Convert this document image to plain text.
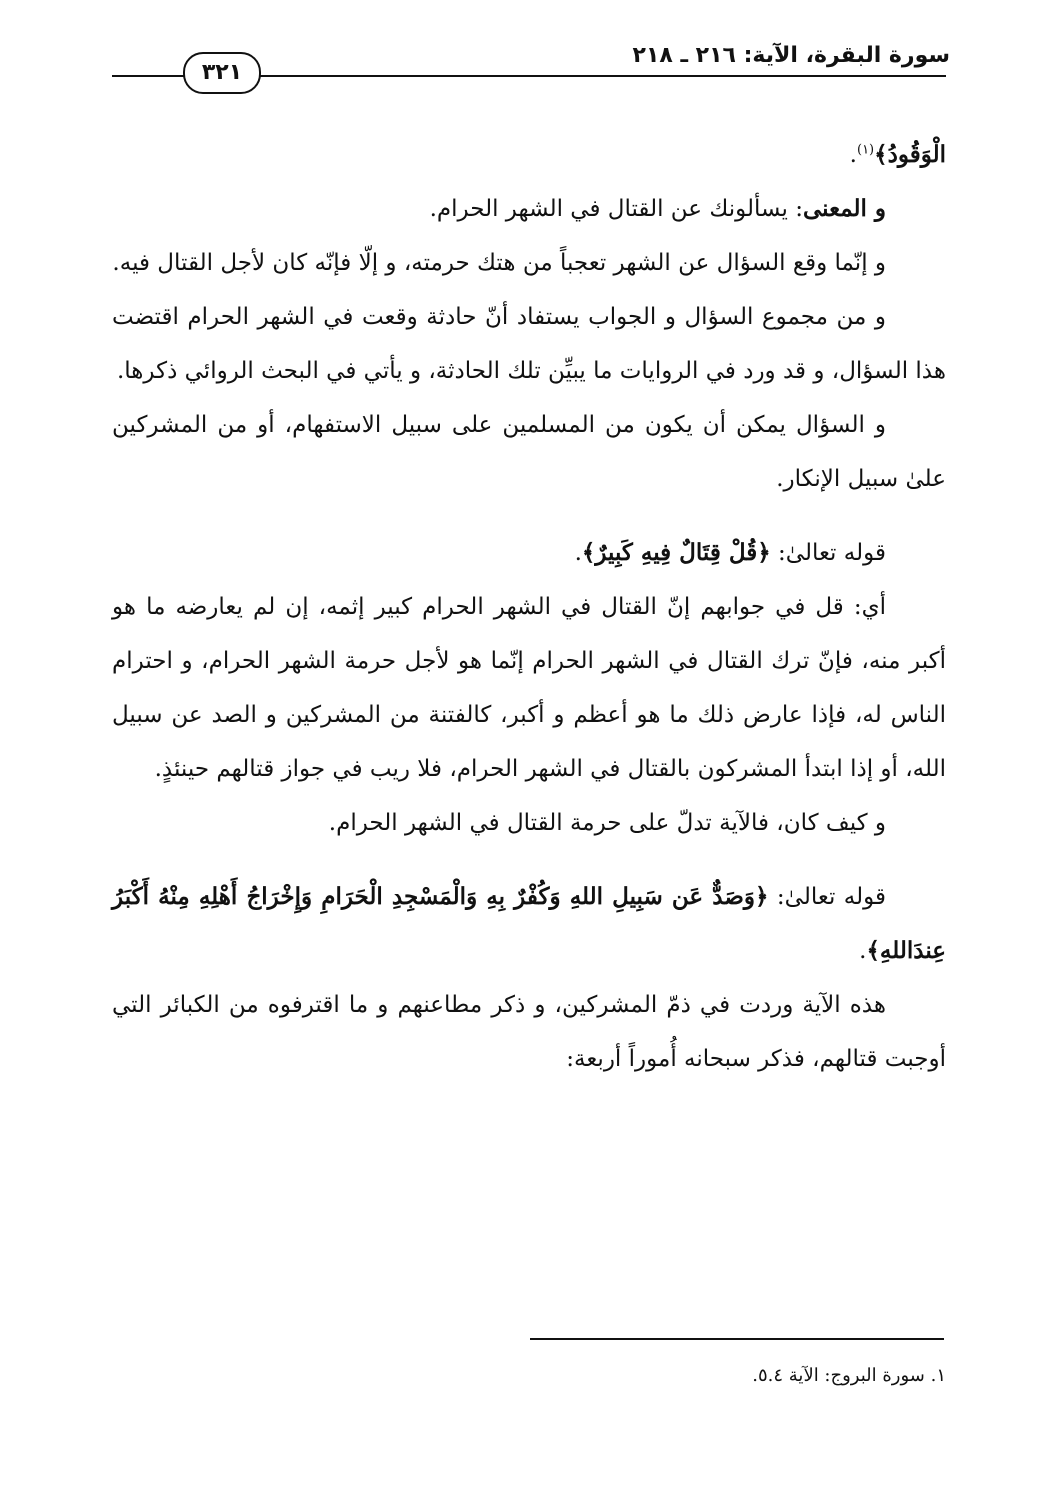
سورة البقرة، الآية: ٢١٦ ـ ٢١٨
٣٢١

الْوَقُودُ﴾$^{(١)}$.

و المعنى: يسألونك عن القتال في الشهر الحرام.

و إنّما وقع السؤال عن الشهر تعجباً من هتك حرمته، و إلّا فإنّه كان لأجل القتال فيه.

و من مجموع السؤال و الجواب يستفاد أنّ حادثة وقعت في الشهر الحرام اقتضت هذا السؤال، و قد ورد في الروايات ما يبيِّن تلك الحادثة، و يأتي في البحث الروائي ذكرها.

و السؤال يمكن أن يكون من المسلمين على سبيل الاستفهام، أو من المشركين علىٰ سبيل الإنكار.

قوله تعالىٰ: ﴿قُلْ قِتَالٌ فِيهِ كَبِيرٌ﴾.

أي: قل في جوابهم إنّ القتال في الشهر الحرام كبير إثمه، إن لم يعارضه ما هو أكبر منه، فإنّ ترك القتال في الشهر الحرام إنّما هو لأجل حرمة الشهر الحرام، و احترام الناس له، فإذا عارض ذلك ما هو أعظم و أكبر، كالفتنة من المشركين و الصد عن سبيل الله، أو إذا ابتدأ المشركون بالقتال في الشهر الحرام، فلا ريب في جواز قتالهم حينئذٍ.

و كيف كان، فالآية تدلّ على حرمة القتال في الشهر الحرام.

قوله تعالىٰ: ﴿وَصَدٌّ عَن سَبِيلِ اللهِ وَكُفْرٌ بِهِ وَالْمَسْجِدِ الْحَرَامِ وَإِخْرَاجُ أَهْلِهِ مِنْهُ أَكْبَرُ عِندَاللهِ﴾.

هذه الآية وردت في ذمّ المشركين، و ذكر مطاعنهم و ما اقترفوه من الكبائر التي أوجبت قتالهم، فذكر سبحانه أُموراً أربعة:

١. سورة البروج: الآية ٥.٤.
